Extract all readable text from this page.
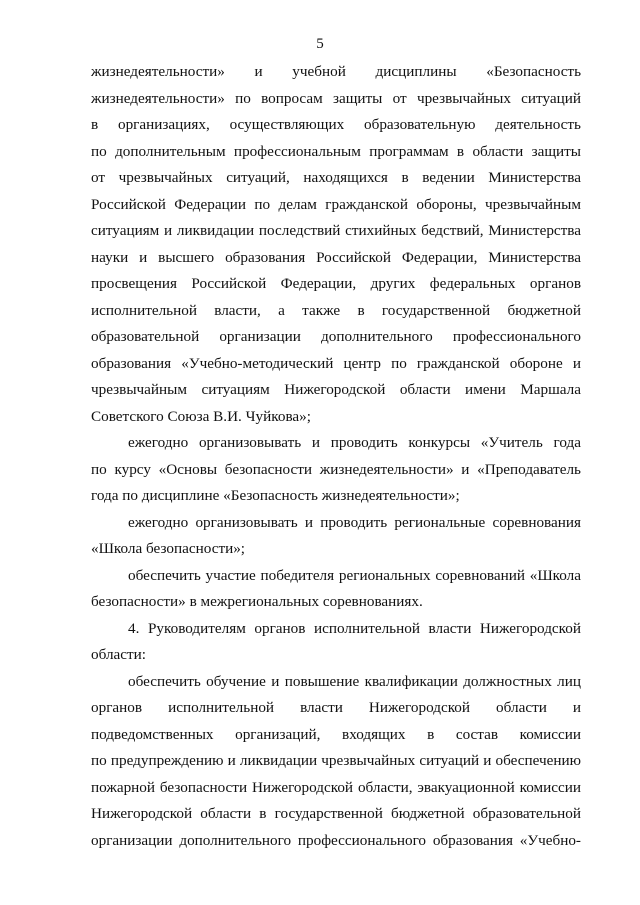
5
жизнедеятельности» и учебной дисциплины «Безопасность
жизнедеятельности» по вопросам защиты от чрезвычайных ситуаций
в организациях, осуществляющих образовательную деятельность
по дополнительным профессиональным программам в области защиты
от чрезвычайных ситуаций, находящихся в ведении Министерства
Российской Федерации по делам гражданской обороны, чрезвычайным
ситуациям и ликвидации последствий стихийных бедствий, Министерства
науки и высшего образования Российской Федерации, Министерства
просвещения Российской Федерации, других федеральных органов
исполнительной власти, а также в государственной бюджетной
образовательной организации дополнительного профессионального
образования «Учебно-методический центр по гражданской обороне и
чрезвычайным ситуациям Нижегородской области имени Маршала
Советского Союза В.И. Чуйкова»;
ежегодно организовывать и проводить конкурсы «Учитель года
по курсу «Основы безопасности жизнедеятельности» и «Преподаватель
года по дисциплине «Безопасность жизнедеятельности»;
ежегодно организовывать и проводить региональные соревнования
«Школа безопасности»;
обеспечить участие победителя региональных соревнований «Школа
безопасности» в межрегиональных соревнованиях.
4. Руководителям органов исполнительной власти Нижегородской
области:
обеспечить обучение и повышение квалификации должностных лиц
органов исполнительной власти Нижегородской области и
подведомственных организаций, входящих в состав комиссии
по предупреждению и ликвидации чрезвычайных ситуаций и обеспечению
пожарной безопасности Нижегородской области, эвакуационной комиссии
Нижегородской области в государственной бюджетной образовательной
организации дополнительного профессионального образования «Учебно-
